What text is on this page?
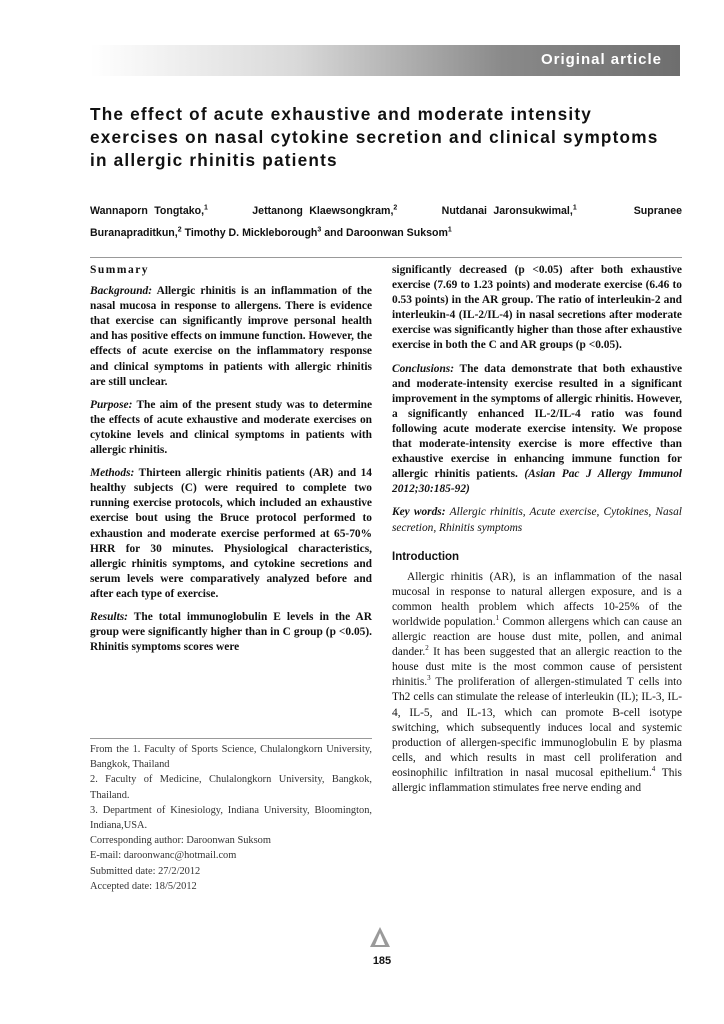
Original article
The effect of acute exhaustive and moderate intensity exercises on nasal cytokine secretion and clinical symptoms in allergic rhinitis patients

Wannaporn Tongtako,$^1$	Jettanong Klaewsongkram,$^2$	Nutdanai Jaronsukwimal,$^1$	Supranee Buranapraditkun,$^2$ Timothy D. Mickleborough$^3$ and Daroonwan Suksom$^1$

Summary

Background: Allergic rhinitis is an inflammation of the nasal mucosa in response to allergens. There is evidence that exercise can significantly improve personal health and has positive effects on immune function. However, the effects of acute exercise on the inflammatory response and clinical symptoms in patients with allergic rhinitis are still unclear.

Purpose: The aim of the present study was to determine the effects of acute exhaustive and moderate exercises on cytokine levels and clinical symptoms in patients with allergic rhinitis.

Methods: Thirteen allergic rhinitis patients (AR) and 14 healthy subjects (C) were required to complete two running exercise protocols, which included an exhaustive exercise bout using the Bruce protocol performed to exhaustion and moderate exercise performed at 65-70% HRR for 30 minutes. Physiological characteristics, allergic rhinitis symptoms, and cytokine secretions and serum levels were comparatively analyzed before and after each type of exercise.

Results: The total immunoglobulin E levels in the AR group were significantly higher than in C group (p <0.05). Rhinitis symptoms scores were

From the 1. Faculty of Sports Science, Chulalongkorn University, Bangkok, Thailand
2. Faculty of Medicine, Chulalongkorn University, Bangkok, Thailand.
3. Department of Kinesiology, Indiana University, Bloomington, Indiana,USA.
Corresponding author: Daroonwan Suksom
E-mail: daroonwanc@hotmail.com
Submitted date: 27/2/2012
Accepted date: 18/5/2012

significantly decreased (p <0.05) after both exhaustive exercise (7.69 to 1.23 points) and moderate exercise (6.46 to 0.53 points) in the AR group. The ratio of interleukin-2 and interleukin-4 (IL-2/IL-4) in nasal secretions after moderate exercise was significantly higher than those after exhaustive exercise in both the C and AR groups (p <0.05).

Conclusions: The data demonstrate that both exhaustive and moderate-intensity exercise resulted in a significant improvement in the symptoms of allergic rhinitis. However, a significantly enhanced IL-2/IL-4 ratio was found following acute moderate exercise intensity. We propose that moderate-intensity exercise is more effective than exhaustive exercise in enhancing immune function for allergic rhinitis patients. (Asian Pac J Allergy Immunol 2012;30:185-92)

Key words: Allergic rhinitis, Acute exercise, Cytokines, Nasal secretion, Rhinitis symptoms

Introduction

Allergic rhinitis (AR), is an inflammation of the nasal mucosal in response to natural allergen exposure, and is a common health problem which affects 10-25% of the worldwide population.$^1$ Common allergens which can cause an allergic reaction are house dust mite, pollen, and animal dander.$^2$ It has been suggested that an allergic reaction to the house dust mite is the most common cause of persistent rhinitis.$^3$ The proliferation of allergen-stimulated T cells into Th2 cells can stimulate the release of interleukin (IL); IL-3, IL-4, IL-5, and IL-13, which can promote B-cell isotype switching, which subsequently induces local and systemic production of allergen-specific immunoglobulin E by plasma cells, and which results in mast cell proliferation and eosinophilic infiltration in nasal mucosal epithelium.$^4$ This allergic inflammation stimulates free nerve ending and

185
